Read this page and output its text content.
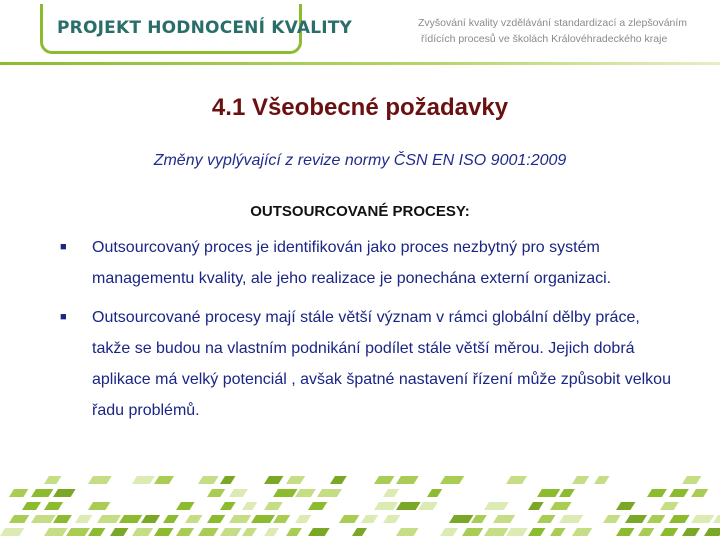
PROJEKT HODNOCENÍ KVALITY	Zvyšování kvality vzdělávání standardizací a zlepšováním
řídících procesů ve školách Královéhradeckého kraje
4.1 Všeobecné požadavky
Změny vyplývající z revize normy ČSN EN ISO 9001:2009
OUTSOURCOVANÉ PROCESY:
■ Outsourcovaný proces je identifikován jako proces nezbytný pro systém managementu kvality, ale jeho realizace je ponechána externí organizaci.
■ Outsourcované procesy mají stále větší význam v rámci globální dělby práce, takže se budou na vlastním podnikání podílet stále větší měrou. Jejich dobrá aplikace má velký potenciál , avšak špatné nastavení řízení může způsobit velkou řadu problémů.
